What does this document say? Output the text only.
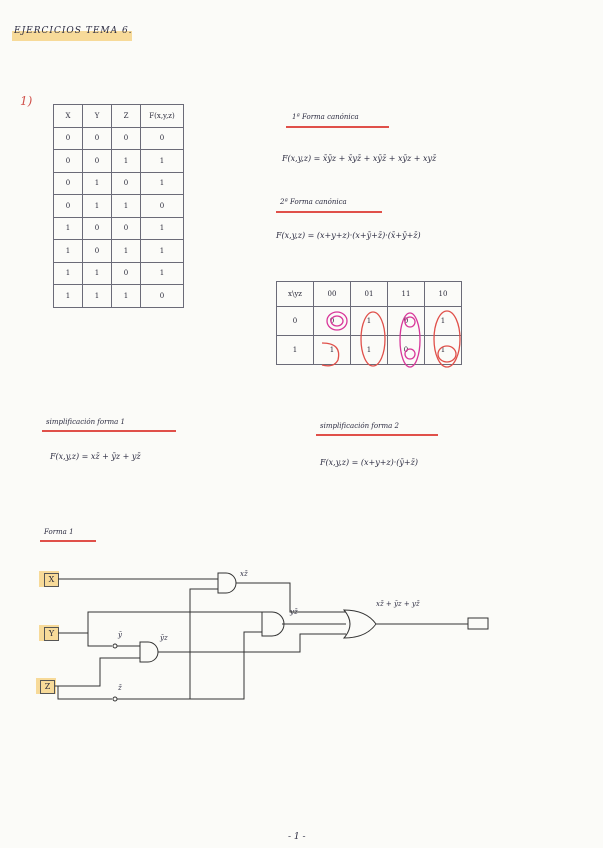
EJERCICIOS TEMA 6.
1)
X	Y	Z	F(x,y,z)
0	0	0	0
0	0	1	1
0	1	0	1
0	1	1	0
1	0	0	1
1	0	1	1
1	1	0	1
1	1	1	0
1ª Forma canónica
F(x,y,z) = x̄ȳz + x̄yz̄ + xȳz̄ + xȳz + xyz̄
2ª Forma canónica
F(x,y,z) = (x+y+z)·(x+ȳ+z̄)·(x̄+ȳ+z̄)
x\yz	00	01	11	10
0	0	1	0	1
1	1	1	0	1
simplificación forma 1
F(x,y,z) = xz̄ + ȳz + yz̄
simplificación forma 2
F(x,y,z) = (x+y+z)·(ȳ+z̄)
Forma 1
X
Y
Z
xz̄
yz̄
ȳz
ȳ
z̄
xz̄ + ȳz + yz̄
- 1 -
